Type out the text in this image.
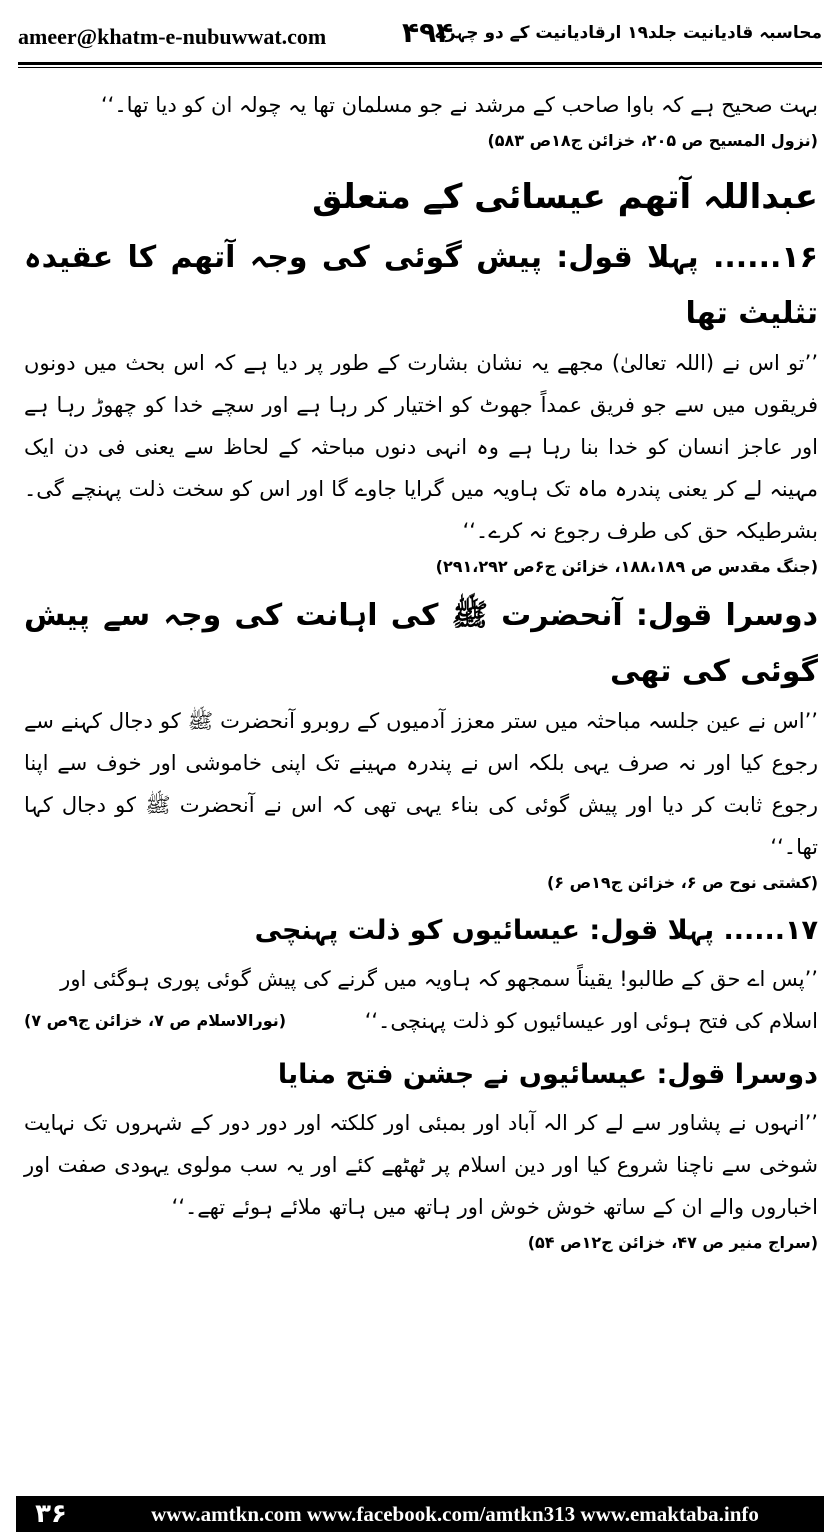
ameer@khatm-e-nubuwwat.com	۴۹۴
محاسبہ قادیانیت جلد۱۹ ارقادیانیت کے دو چہرے

بہت صحیح ہے کہ باوا صاحب کے مرشد نے جو مسلمان تھا یہ چولہ ان کو دیا تھا۔‘‘

(نزول المسیح ص ۲۰۵، خزائن ج۱۸ص ۵۸۳)

عبداللہ آتھم عیسائی کے متعلق
۱۶...... پہلا قول: پیش گوئی کی وجہ آتھم کا عقیدہ تثلیث تھا

’’تو اس نے (اللہ تعالیٰ) مجھے یہ نشان بشارت کے طور پر دیا ہے کہ اس بحث میں دونوں فریقوں میں سے جو فریق عمداً جھوٹ کو اختیار کر رہا ہے اور سچے خدا کو چھوڑ رہا ہے اور عاجز انسان کو خدا بنا رہا ہے وہ انہی دنوں مباحثہ کے لحاظ سے یعنی فی دن ایک مہینہ لے کر یعنی پندرہ ماہ تک ہاویہ میں گرایا جاوے گا اور اس کو سخت ذلت پہنچے گی۔ بشرطیکہ حق کی طرف رجوع نہ کرے۔‘‘

(جنگ مقدس ص ۱۸۸،۱۸۹، خزائن ج۶ص ۲۹۱،۲۹۲)

دوسرا قول: آنحضرت ﷺ کی اہانت کی وجہ سے پیش گوئی کی تھی

’’اس نے عین جلسہ مباحثہ میں ستر معزز آدمیوں کے روبرو آنحضرت ﷺ کو دجال کہنے سے رجوع کیا اور نہ صرف یہی بلکہ اس نے پندرہ مہینے تک اپنی خاموشی اور خوف سے اپنا رجوع ثابت کر دیا اور پیش گوئی کی بناء یہی تھی کہ اس نے آنحضرت ﷺ کو دجال کہا تھا۔‘‘

(کشتی نوح ص ۶، خزائن ج۱۹ص ۶)

۱۷...... پہلا قول: عیسائیوں کو ذلت پہنچی

’’پس اے حق کے طالبو! یقیناً سمجھو کہ ہاویہ میں گرنے کی پیش گوئی پوری ہوگئی اور

اسلام کی فتح ہوئی اور عیسائیوں کو ذلت پہنچی۔‘‘
(نورالاسلام ص ۷، خزائن ج۹ص ۷)
دوسرا قول: عیسائیوں نے جشن فتح منایا

’’انہوں نے پشاور سے لے کر الہ آباد اور بمبئی اور کلکتہ اور دور دور کے شہروں تک نہایت شوخی سے ناچنا شروع کیا اور دین اسلام پر ٹھٹھے کئے اور یہ سب مولوی یہودی صفت اور اخباروں والے ان کے ساتھ خوش خوش اور ہاتھ میں ہاتھ ملائے ہوئے تھے۔‘‘

(سراج منیر ص ۴۷، خزائن ج۱۲ص ۵۴)

۳۶	www.amtkn.com www.facebook.com/amtkn313 www.emaktaba.info
